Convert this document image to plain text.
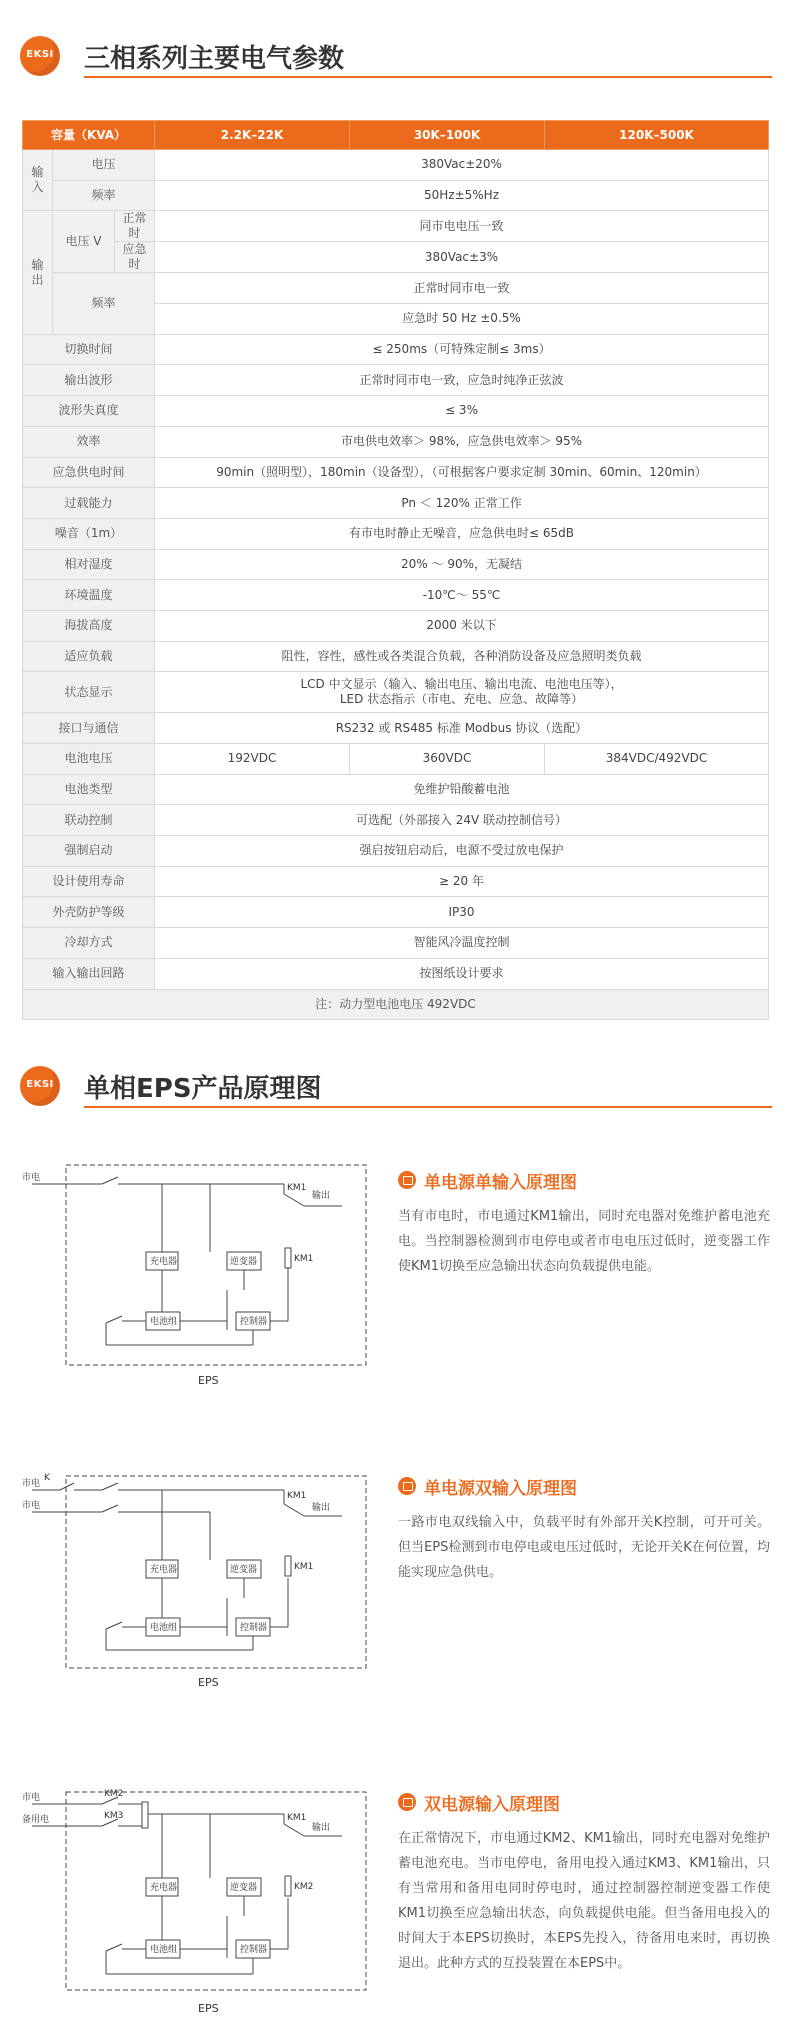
EKSI 三相系列主要电气参数
容量（KVA）			2.2K–22K	30K–100K	120K–500K
输入	电压		380Vac±20%		
	频率		50Hz±5%Hz		
输出	电压 V	正常时	同市电电压一致		
		应急时	380Vac±3%		
	频率		正常时同市电一致		
			应急时 50 Hz ±0.5%		
切换时间			≤ 250ms（可特殊定制≤ 3ms）		
输出波形			正常时同市电一致，应急时纯净正弦波		
波形失真度			≤ 3%		
效率			市电供电效率＞ 98%，应急供电效率＞ 95%		
应急供电时间			90min（照明型），180min（设备型），（可根据客户要求定制 30min、60min、120min）		
过载能力			Pn ＜ 120% 正常工作		
噪音（1m）			有市电时静止无噪音，应急供电时≤ 65dB		
相对湿度			20% ～ 90%，无凝结		
环境温度			-10℃～ 55℃		
海拔高度			2000 米以下		
适应负载			阻性，容性，感性或各类混合负载，各种消防设备及应急照明类负载		
状态显示			LCD 中文显示（输入、输出电压、输出电流、电池电压等），
LED 状态指示（市电、充电、应急、故障等）		

接口与通信			RS232 或 RS485 标准 Modbus 协议（选配）		
电池电压			192VDC	360VDC	384VDC/492VDC
电池类型			免维护铅酸蓄电池		
联动控制			可选配（外部接入 24V 联动控制信号）		
强制启动			强启按钮启动后，电源不受过放电保护		
设计使用寿命			≥ 20 年		
外壳防护等级			IP30		
冷却方式			智能风冷温度控制		
输入输出回路			按图纸设计要求		
注：动力型电池电压 492VDC					
EKSI 单相EPS产品原理图
市电
输出
KM1
KM1
充电器	逆变器
电池组	控制器
EPS
单电源单输入原理图

当有市电时，市电通过KM1输出，同时充电器对免维护蓄电池充电。当控制器检测到市电停电或者市电电压过低时，逆变器工作使KM1切换至应急输出状态向负载提供电能。

市电
K
市电	输出
KM1
KM1
充电器	逆变器
电池组	控制器
EPS
单电源双输入原理图

一路市电双线输入中，负载平时有外部开关K控制，可开可关。但当EPS检测到市电停电或电压过低时，无论开关K在何位置，均能实现应急供电。

市电
备用电
KM2
KM3	KM1
输出
KM2
充电器	逆变器
电池组	控制器
EPS
双电源输入原理图

在正常情况下，市电通过KM2、KM1输出，同时充电器对免维护蓄电池充电。当市电停电，备用电投入通过KM3、KM1输出，只有当常用和备用电同时停电时，通过控制器控制逆变器工作使KM1切换至应急输出状态，向负载提供电能。但当备用电投入的时间大于本EPS切换时，本EPS先投入，待备用电来时，再切换退出。此种方式的互投装置在本EPS中。
